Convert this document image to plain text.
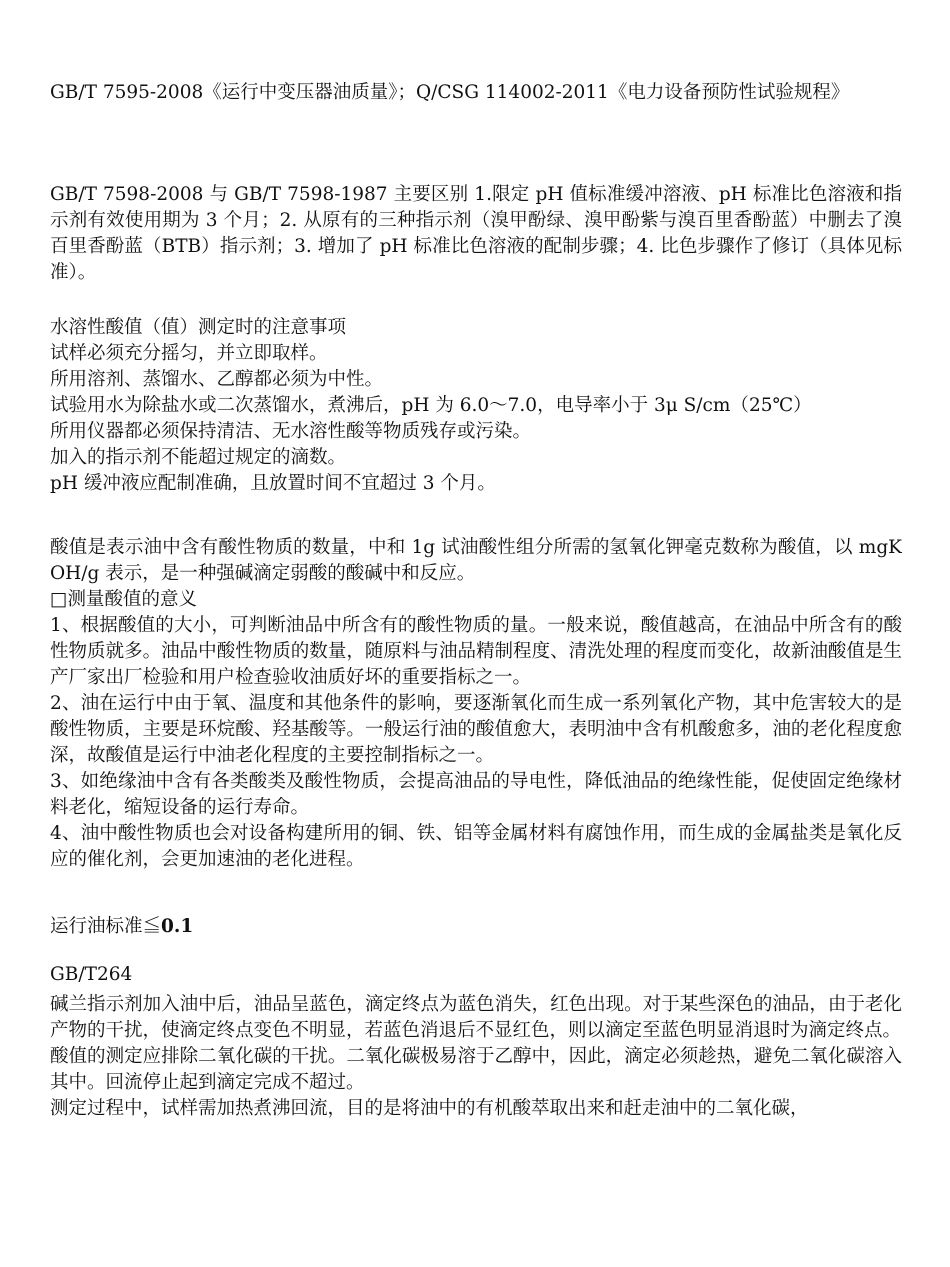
GB/T 7595-2008《运行中变压器油质量》；Q/CSG 114002-2011《电力设备预防性试验规程》

GB/T 7598-2008 与 GB/T 7598-1987 主要区别 1.限定 pH 值标准缓冲溶液、pH 标准比色溶液和指示剂有效使用期为 3 个月；2. 从原有的三种指示剂（溴甲酚绿、溴甲酚紫与溴百里香酚蓝）中删去了溴百里香酚蓝（BTB）指示剂；3. 增加了 pH 标准比色溶液的配制步骤；4. 比色步骤作了修订（具体见标准）。

水溶性酸值（值）测定时的注意事项

试样必须充分摇匀，并立即取样。

所用溶剂、蒸馏水、乙醇都必须为中性。

试验用水为除盐水或二次蒸馏水，煮沸后，pH 为 6.0～7.0，电导率小于 3μ S/cm（25℃）

所用仪器都必须保持清洁、无水溶性酸等物质残存或污染。

加入的指示剂不能超过规定的滴数。

pH 缓冲液应配制准确，且放置时间不宜超过 3 个月。

酸值是表示油中含有酸性物质的数量，中和 1g 试油酸性组分所需的氢氧化钾毫克数称为酸值，以 mgKOH/g 表示，是一种强碱滴定弱酸的酸碱中和反应。

□测量酸值的意义

1、根据酸值的大小，可判断油品中所含有的酸性物质的量。一般来说，酸值越高，在油品中所含有的酸性物质就多。油品中酸性物质的数量，随原料与油品精制程度、清洗处理的程度而变化，故新油酸值是生产厂家出厂检验和用户检查验收油质好坏的重要指标之一。

2、油在运行中由于氧、温度和其他条件的影响，要逐渐氧化而生成一系列氧化产物，其中危害较大的是酸性物质，主要是环烷酸、羟基酸等。一般运行油的酸值愈大，表明油中含有机酸愈多，油的老化程度愈深，故酸值是运行中油老化程度的主要控制指标之一。

3、如绝缘油中含有各类酸类及酸性物质，会提高油品的导电性，降低油品的绝缘性能，促使固定绝缘材料老化，缩短设备的运行寿命。

4、油中酸性物质也会对设备构建所用的铜、铁、铝等金属材料有腐蚀作用，而生成的金属盐类是氧化反应的催化剂，会更加速油的老化进程。

运行油标准≦0.1

GB/T264

碱兰指示剂加入油中后，油品呈蓝色，滴定终点为蓝色消失，红色出现。对于某些深色的油品，由于老化产物的干扰，使滴定终点变色不明显，若蓝色消退后不显红色，则以滴定至蓝色明显消退时为滴定终点。

酸值的测定应排除二氧化碳的干扰。二氧化碳极易溶于乙醇中，因此，滴定必须趁热，避免二氧化碳溶入其中。回流停止起到滴定完成不超过。

测定过程中，试样需加热煮沸回流，目的是将油中的有机酸萃取出来和赶走油中的二氧化碳，
